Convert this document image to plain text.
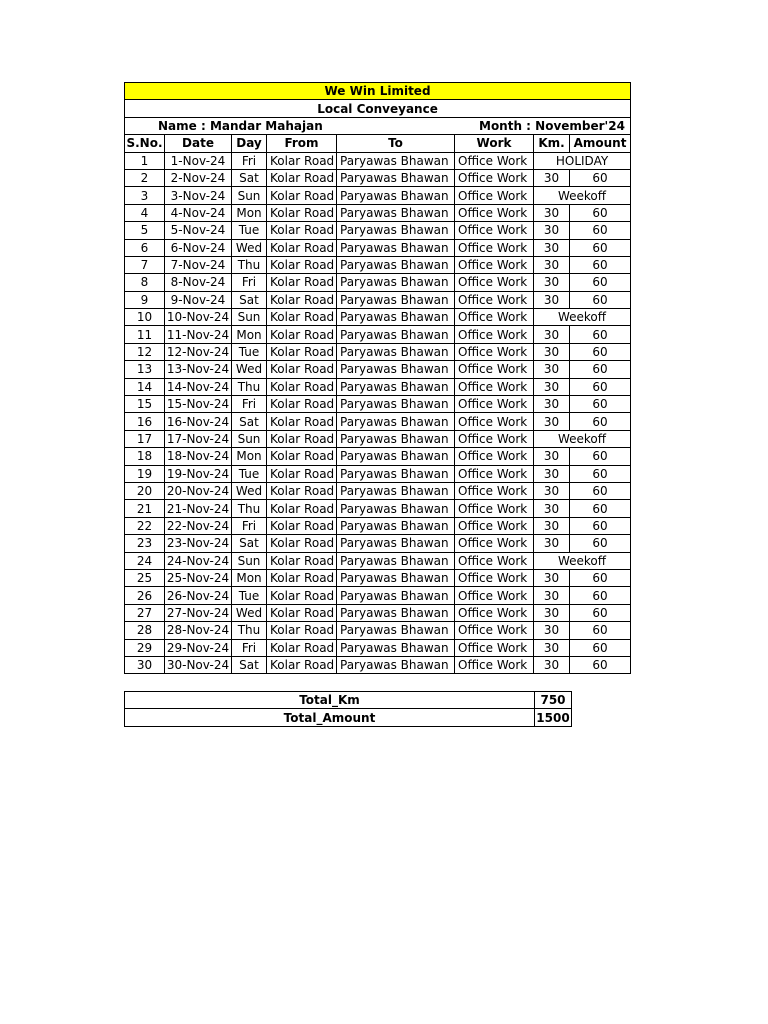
We Win Limited							
Local Conveyance							

Name : Mandar Mahajan Month : November'24							

S.No.	Date	Day	From	To	Work	Km.	Amount
1	1-Nov-24	Fri	Kolar Road	Paryawas Bhawan	Office Work	HOLIDAY	
2	2-Nov-24	Sat	Kolar Road	Paryawas Bhawan	Office Work	30	60
3	3-Nov-24	Sun	Kolar Road	Paryawas Bhawan	Office Work	Weekoff	
4	4-Nov-24	Mon	Kolar Road	Paryawas Bhawan	Office Work	30	60
5	5-Nov-24	Tue	Kolar Road	Paryawas Bhawan	Office Work	30	60
6	6-Nov-24	Wed	Kolar Road	Paryawas Bhawan	Office Work	30	60
7	7-Nov-24	Thu	Kolar Road	Paryawas Bhawan	Office Work	30	60
8	8-Nov-24	Fri	Kolar Road	Paryawas Bhawan	Office Work	30	60
9	9-Nov-24	Sat	Kolar Road	Paryawas Bhawan	Office Work	30	60
10	10-Nov-24	Sun	Kolar Road	Paryawas Bhawan	Office Work	Weekoff	
11	11-Nov-24	Mon	Kolar Road	Paryawas Bhawan	Office Work	30	60
12	12-Nov-24	Tue	Kolar Road	Paryawas Bhawan	Office Work	30	60
13	13-Nov-24	Wed	Kolar Road	Paryawas Bhawan	Office Work	30	60
14	14-Nov-24	Thu	Kolar Road	Paryawas Bhawan	Office Work	30	60
15	15-Nov-24	Fri	Kolar Road	Paryawas Bhawan	Office Work	30	60
16	16-Nov-24	Sat	Kolar Road	Paryawas Bhawan	Office Work	30	60
17	17-Nov-24	Sun	Kolar Road	Paryawas Bhawan	Office Work	Weekoff	
18	18-Nov-24	Mon	Kolar Road	Paryawas Bhawan	Office Work	30	60
19	19-Nov-24	Tue	Kolar Road	Paryawas Bhawan	Office Work	30	60
20	20-Nov-24	Wed	Kolar Road	Paryawas Bhawan	Office Work	30	60
21	21-Nov-24	Thu	Kolar Road	Paryawas Bhawan	Office Work	30	60
22	22-Nov-24	Fri	Kolar Road	Paryawas Bhawan	Office Work	30	60
23	23-Nov-24	Sat	Kolar Road	Paryawas Bhawan	Office Work	30	60
24	24-Nov-24	Sun	Kolar Road	Paryawas Bhawan	Office Work	Weekoff	
25	25-Nov-24	Mon	Kolar Road	Paryawas Bhawan	Office Work	30	60
26	26-Nov-24	Tue	Kolar Road	Paryawas Bhawan	Office Work	30	60
27	27-Nov-24	Wed	Kolar Road	Paryawas Bhawan	Office Work	30	60
28	28-Nov-24	Thu	Kolar Road	Paryawas Bhawan	Office Work	30	60
29	29-Nov-24	Fri	Kolar Road	Paryawas Bhawan	Office Work	30	60
30	30-Nov-24	Sat	Kolar Road	Paryawas Bhawan	Office Work	30	60
Total_Km	750
Total_Amount	1500
